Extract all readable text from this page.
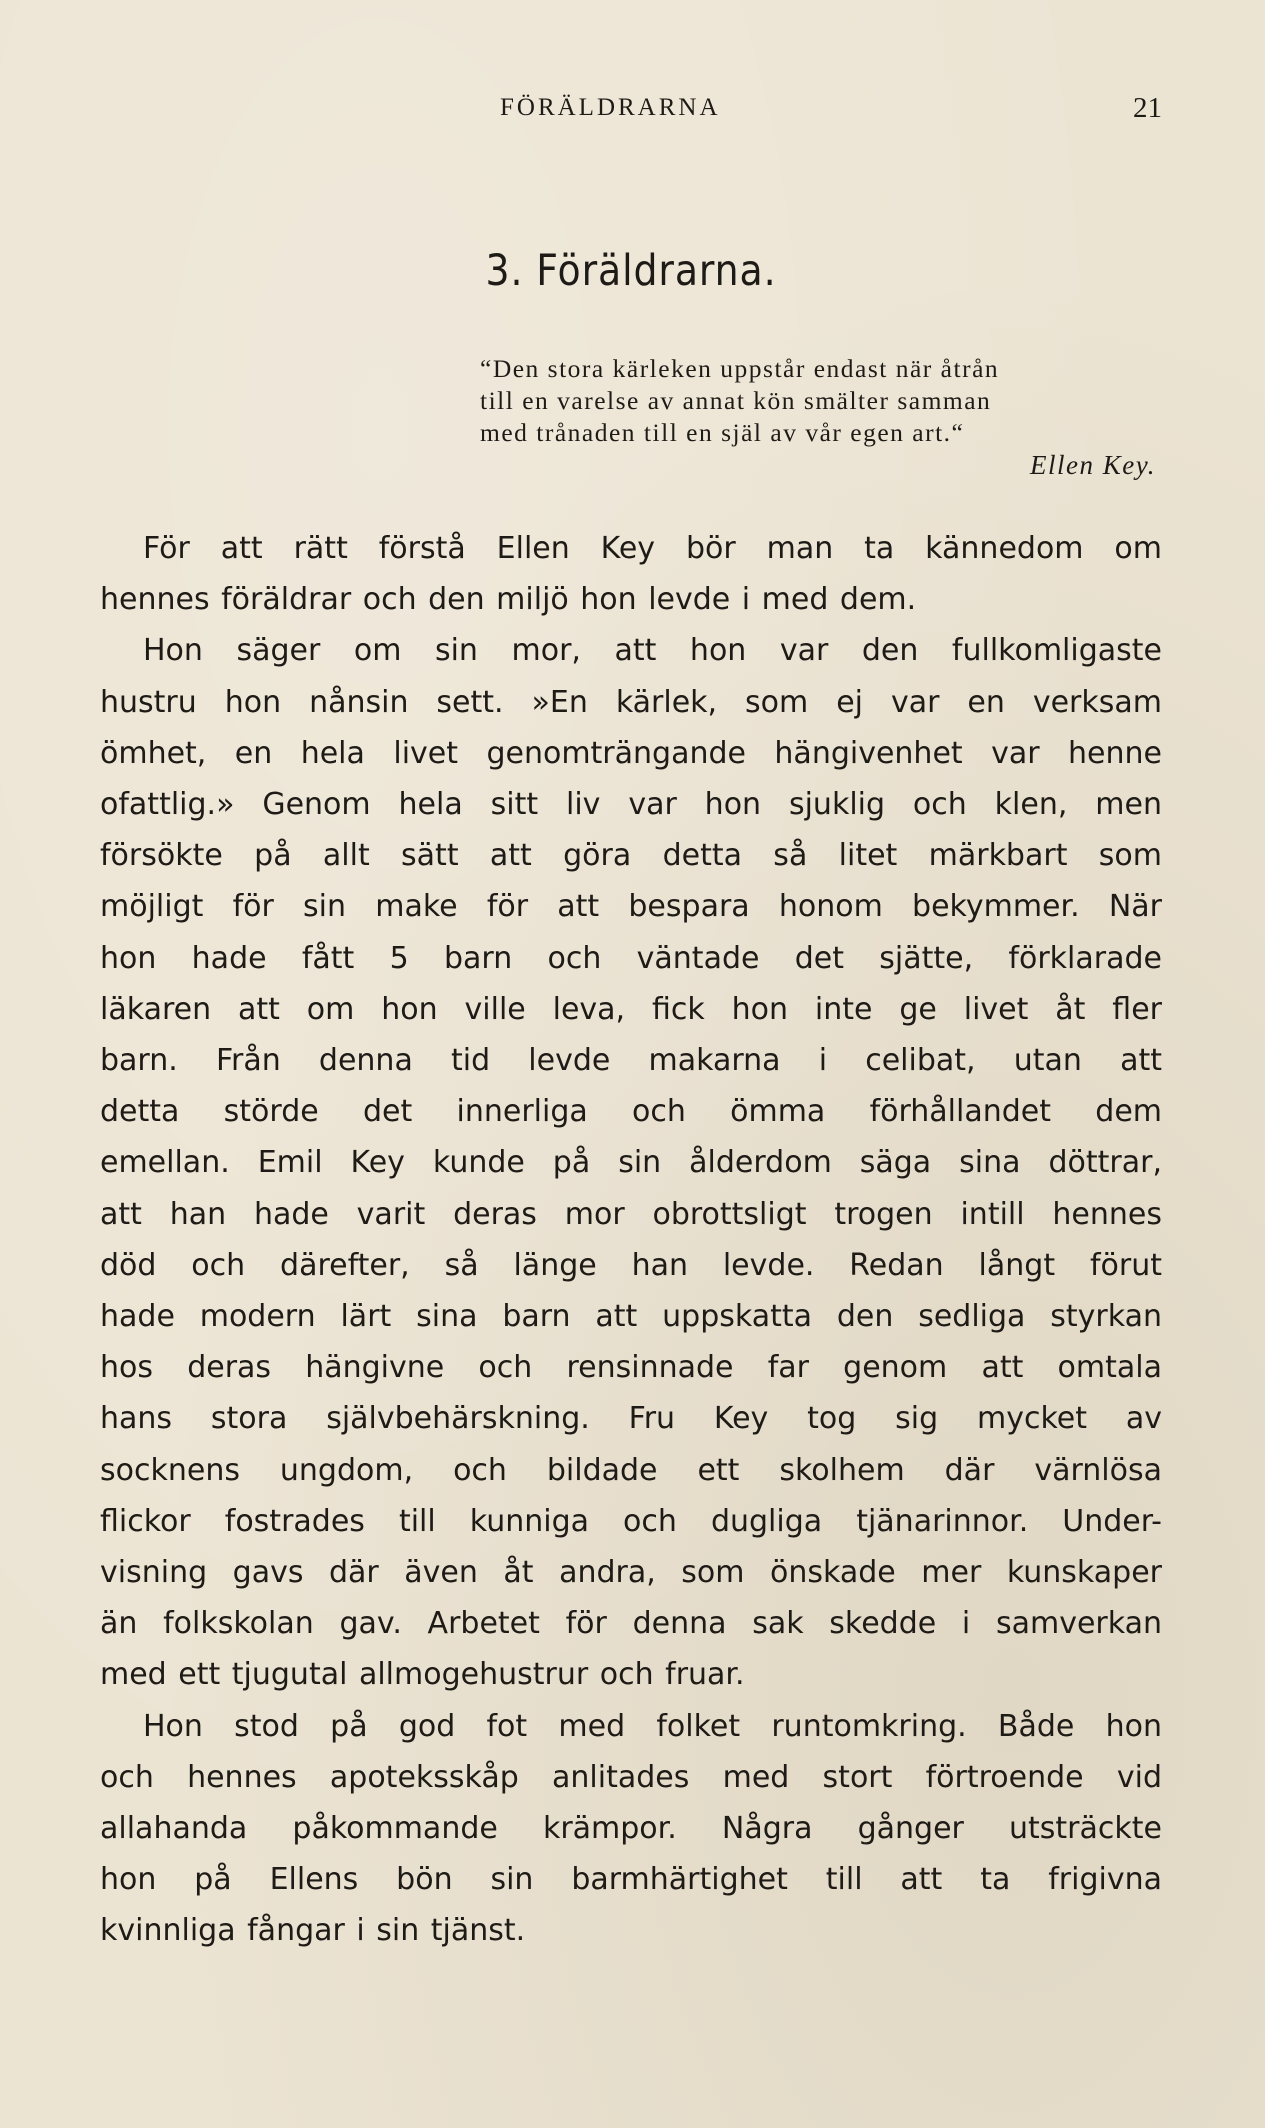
FÖRÄLDRARNA	21
3. Föräldrarna.
“Den stora kärleken uppstår endast när åtrån
till en varelse av annat kön smälter samman
med trånaden till en själ av vår egen art.“
Ellen Key.
För att rätt förstå Ellen Key bör man ta kännedom om
hennes föräldrar och den miljö hon levde i med dem.
Hon säger om sin mor, att hon var den fullkomligaste
hustru hon nånsin sett. »En kärlek, som ej var en verksam
ömhet, en hela livet genomträngande hängivenhet var henne
ofattlig.» Genom hela sitt liv var hon sjuklig och klen, men
försökte på allt sätt att göra detta så litet märkbart som
möjligt för sin make för att bespara honom bekymmer. När
hon hade fått 5 barn och väntade det sjätte, förklarade
läkaren att om hon ville leva, fick hon inte ge livet åt fler
barn. Från denna tid levde makarna i celibat, utan att
detta störde det innerliga och ömma förhållandet dem
emellan. Emil Key kunde på sin ålderdom säga sina döttrar,
att han hade varit deras mor obrottsligt trogen intill hennes
död och därefter, så länge han levde. Redan långt förut
hade modern lärt sina barn att uppskatta den sedliga styrkan
hos deras hängivne och rensinnade far genom att omtala
hans stora självbehärskning. Fru Key tog sig mycket av
socknens ungdom, och bildade ett skolhem där värnlösa
flickor fostrades till kunniga och dugliga tjänarinnor. Under-
visning gavs där även åt andra, som önskade mer kunskaper
än folkskolan gav. Arbetet för denna sak skedde i samverkan
med ett tjugutal allmogehustrur och fruar.
Hon stod på god fot med folket runtomkring. Både hon
och hennes apoteksskåp anlitades med stort förtroende vid
allahanda påkommande krämpor. Några gånger utsträckte
hon på Ellens bön sin barmhärtighet till att ta frigivna
kvinnliga fångar i sin tjänst.
